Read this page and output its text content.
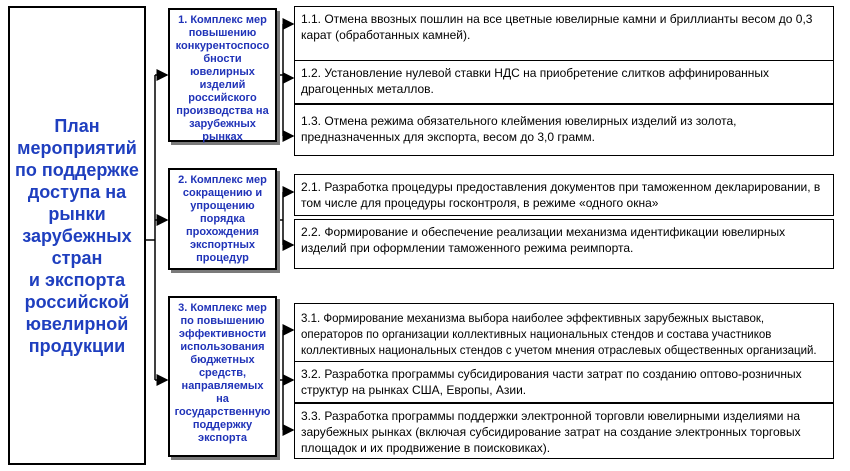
План
мероприятий
по поддержке
доступа на
рынки
зарубежных
стран
и экспорта
российской
ювелирной
продукции
1. Комплекс мер
повышению
конкурентоспосо
бности
ювелирных
изделий
российского
производства на
зарубежных
рынках
2. Комплекс мер
сокращению и
упрощению
порядка
прохождения
экспортных
процедур
3. Комплекс мер
по повышению
эффективности
использования
бюджетных
средств,
направляемых
на
государственную
поддержку
экспорта
1.1. Отмена ввозных пошлин на все цветные ювелирные камни и бриллианты весом до 0,3 карат (обработанных камней).
1.2. Установление нулевой ставки НДС на приобретение слитков аффинированных драгоценных металлов.
1.3. Отмена режима обязательного клеймения ювелирных изделий из золота, предназначенных для экспорта, весом до 3,0 грамм.
2.1. Разработка процедуры предоставления документов при таможенном декларировании, в том числе для процедуры госконтроля, в режиме «одного окна»
2.2. Формирование и обеспечение реализации механизма идентификации ювелирных изделий при оформлении таможенного режима реимпорта.
3.1. Формирование механизма выбора наиболее эффективных зарубежных выставок, операторов по организации коллективных национальных стендов и состава участников коллективных национальных стендов с учетом мнения отраслевых общественных организаций.
3.2. Разработка программы субсидирования части затрат по созданию оптово-розничных структур на рынках США, Европы, Азии.
3.3. Разработка программы поддержки электронной торговли ювелирными изделиями на зарубежных рынках (включая субсидирование затрат на создание электронных торговых площадок и их продвижение в поисковиках).
